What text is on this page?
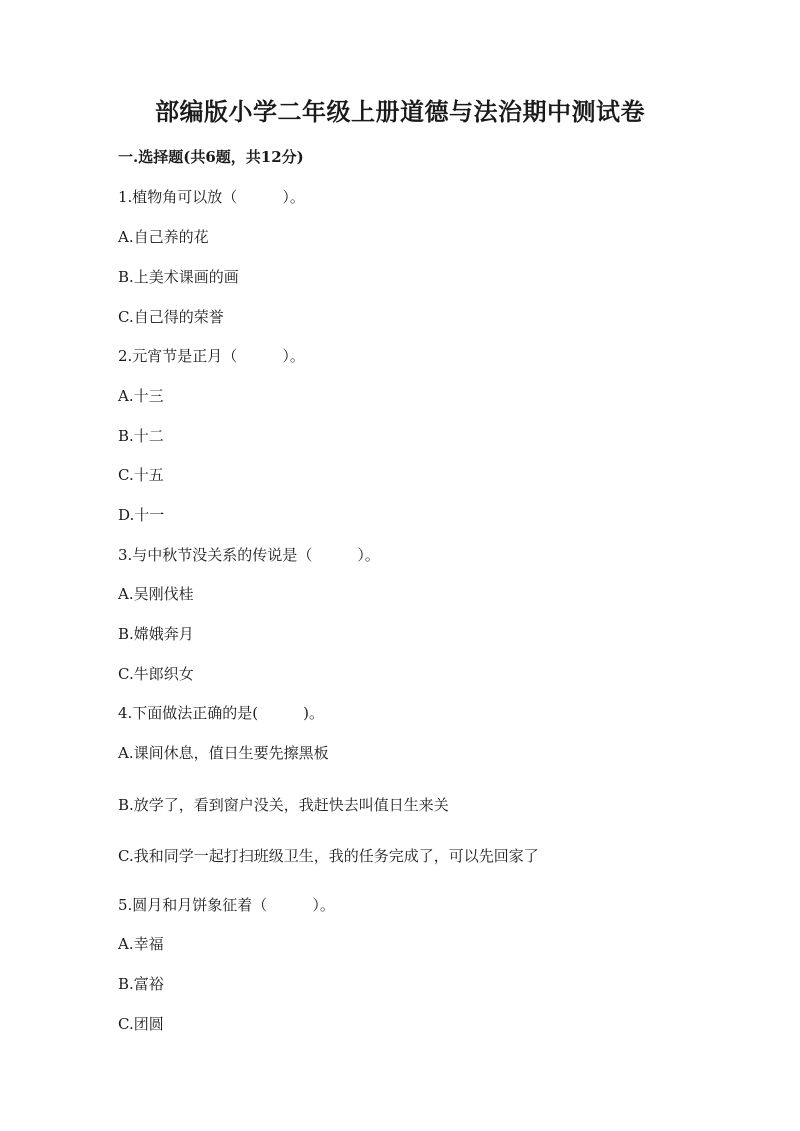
部编版小学二年级上册道德与法治期中测试卷

一.选择题(共6题，共12分)

1.植物角可以放（　　　）。

A.自己养的花

B.上美术课画的画

C.自己得的荣誉

2.元宵节是正月（　　　）。

A.十三

B.十二

C.十五

D.十一

3.与中秋节没关系的传说是（　　　）。

A.吴刚伐桂

B.嫦娥奔月

C.牛郎织女

4.下面做法正确的是(　　　)。

A.课间休息，值日生要先擦黑板

B.放学了，看到窗户没关，我赶快去叫值日生来关

C.我和同学一起打扫班级卫生，我的任务完成了，可以先回家了

5.圆月和月饼象征着（　　　）。

A.幸福

B.富裕

C.团圆
